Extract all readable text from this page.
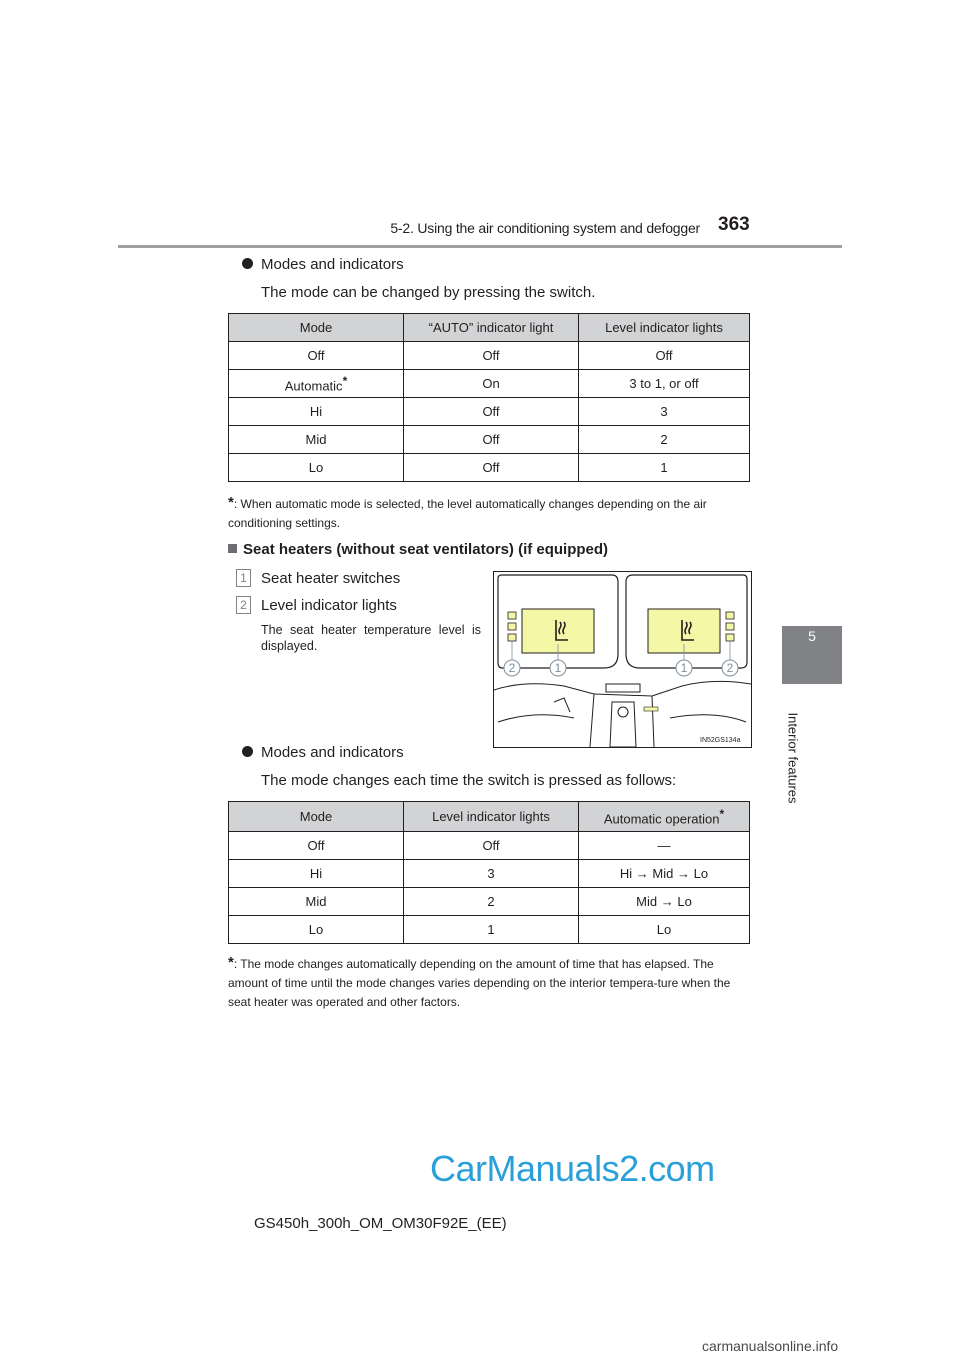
5-2. Using the air conditioning system and defogger 363
5
Interior features
Modes and indicators
The mode can be changed by pressing the switch.
Mode	“AUTO” indicator light	Level indicator lights
Off	Off	Off
Automatic*	On	3 to 1, or off
Hi	Off	3
Mid	Off	2
Lo	Off	1
*: When automatic mode is selected, the level automatically changes depending on the air conditioning settings.
Seat heaters (without seat ventilators) (if equipped)
1 Seat heater switches
2 Level indicator lights
The seat heater temperature level is displayed.
2	1	1	2
IN52GS134a
Modes and indicators
The mode changes each time the switch is pressed as follows:
Mode	Level indicator lights	Automatic operation*
Off	Off	—
Hi	3	Hi → Mid → Lo
Mid	2	Mid → Lo
Lo	1	Lo
*: The mode changes automatically depending on the amount of time that has elapsed. The amount of time until the mode changes varies depending on the interior tempera-ture when the seat heater was operated and other factors.
CarManuals2.com
GS450h_300h_OM_OM30F92E_(EE)
carmanualsonline.info
